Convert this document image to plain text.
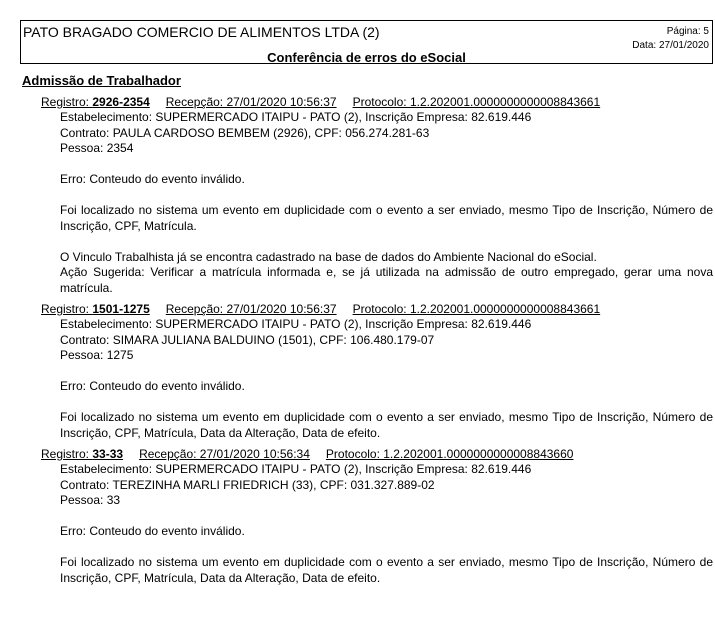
PATO BRAGADO COMERCIO DE ALIMENTOS LTDA (2)	Página: 5
Data: 27/01/2020
Conferência de erros do eSocial
Admissão de Trabalhador
Registro: 2926-2354 Recepção: 27/01/2020 10:56:37 Protocolo: 1.2.202001.0000000000008843661

Estabelecimento: SUPERMERCADO ITAIPU - PATO (2), Inscrição Empresa: 82.619.446

Contrato: PAULA CARDOSO BEMBEM (2926), CPF: 056.274.281-63

Pessoa: 2354

Erro: Conteudo do evento inválido.

Foi localizado no sistema um evento em duplicidade com o evento a ser enviado, mesmo Tipo de Inscrição, Número de Inscrição, CPF, Matrícula.

O Vinculo Trabalhista já se encontra cadastrado na base de dados do Ambiente Nacional do eSocial.

Ação Sugerida: Verificar a matrícula informada e, se já utilizada na admissão de outro empregado, gerar uma nova matrícula.

Registro: 1501-1275 Recepção: 27/01/2020 10:56:37 Protocolo: 1.2.202001.0000000000008843661

Estabelecimento: SUPERMERCADO ITAIPU - PATO (2), Inscrição Empresa: 82.619.446

Contrato: SIMARA JULIANA BALDUINO (1501), CPF: 106.480.179-07

Pessoa: 1275

Erro: Conteudo do evento inválido.

Foi localizado no sistema um evento em duplicidade com o evento a ser enviado, mesmo Tipo de Inscrição, Número de Inscrição, CPF, Matrícula, Data da Alteração, Data de efeito.

Registro: 33-33 Recepção: 27/01/2020 10:56:34 Protocolo: 1.2.202001.0000000000008843660

Estabelecimento: SUPERMERCADO ITAIPU - PATO (2), Inscrição Empresa: 82.619.446

Contrato: TEREZINHA MARLI FRIEDRICH (33), CPF: 031.327.889-02

Pessoa: 33

Erro: Conteudo do evento inválido.

Foi localizado no sistema um evento em duplicidade com o evento a ser enviado, mesmo Tipo de Inscrição, Número de Inscrição, CPF, Matrícula, Data da Alteração, Data de efeito.
